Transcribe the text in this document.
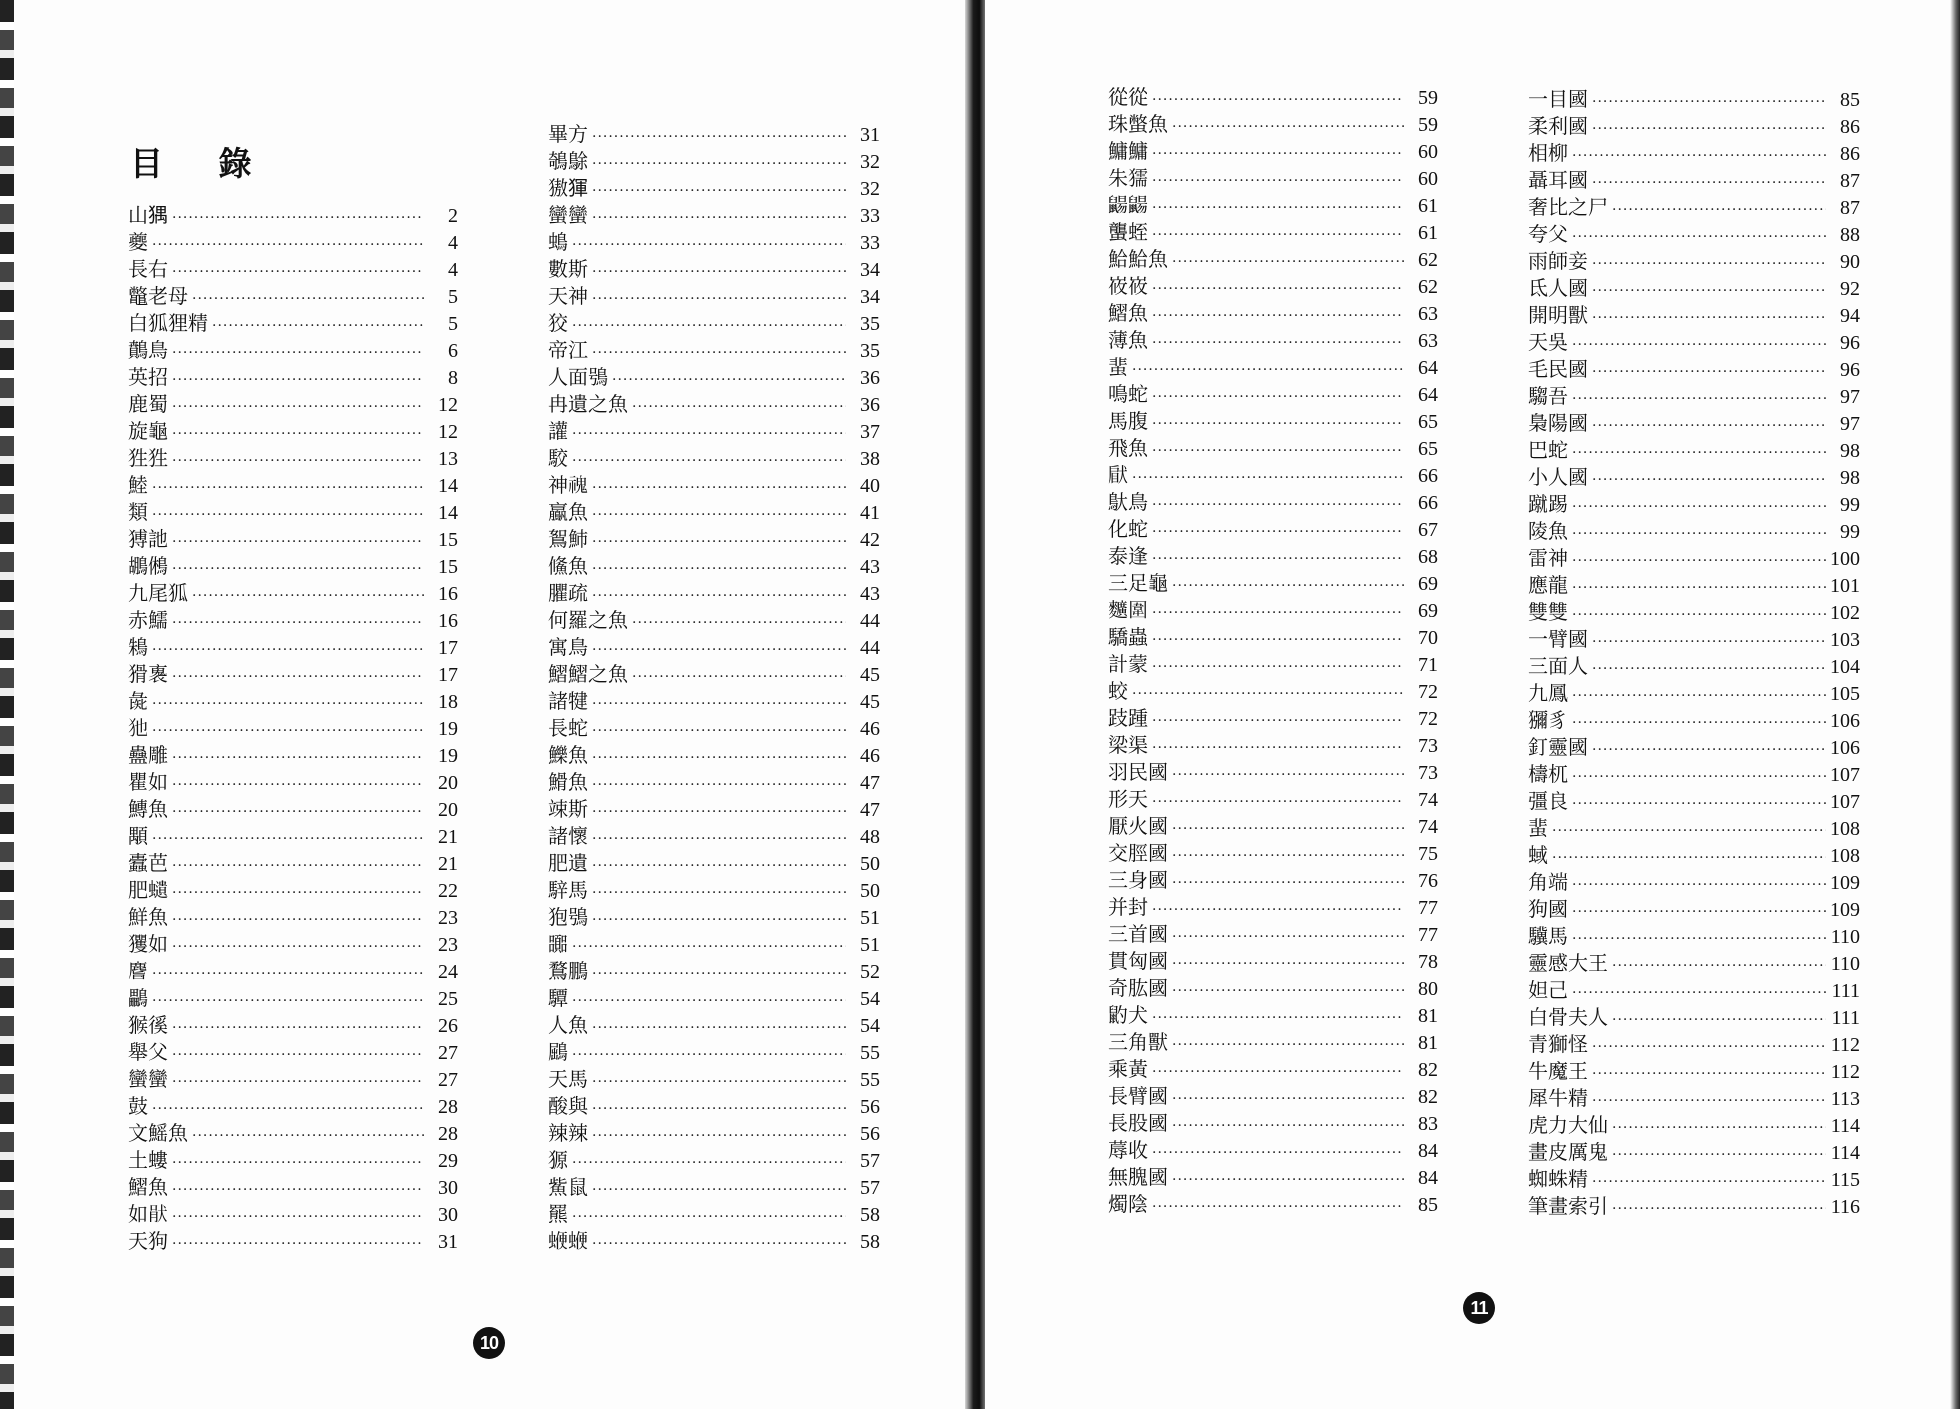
目 錄
山𤟹 ·····	2
夔 ·····	4
長右 ·····	4
鼈老母 ·····	5
白狐狸精 ·····	5
䴅鳥 ·····	6
英招 ·····	8
鹿蜀 ·····	12
旋龜 ·····	12
狌狌 ·····	13
鯥 ·····	14
類 ·····	14
猼訑 ·····	15
鶘鵂 ·····	15
九尾狐 ·····	16
赤鱬 ·····	16
鴸 ·····	17
猾褢 ·····	17
彘 ·····	18
𤜣 ·····	19
蠱雕 ·····	19
瞿如 ·····	20
鱄魚 ·····	20
顒 ·····	21
蠹芭 ·····	21
肥𧔥 ·····	22
鮮魚 ·····	23
玃如 ·····	23
𪊨 ·····	24
鸓 ·····	25
𤠣徯 ·····	26
舉父 ·····	27
蠻蠻 ·····	27
鼓 ·····	28
文鰩魚 ·····	28
土螻 ·····	29
鰼魚 ·····	30
如𤞣 ·····	30
天狗 ·····	31
畢方 ·····	31
鵸鵌 ·····	32
獓𤟤 ·····	32
蠻蠻 ·····	33
䳋 ·····	33
數斯 ·····	34
天神 ·····	34
狡 ·····	35
帝江 ·····	35
人面鴞 ·····	36
冉遺之魚 ·····	36
讙 ·····	37
駮 ·····	38
神𩲡 ·····	40
鸁魚 ·····	41
鴽䰽 ·····	42
鯈魚 ·····	43
臞疏 ·····	43
何羅之魚 ·····	44
寓鳥 ·····	44
鰼鰼之魚 ·····	45
諸犍 ·····	45
長蛇 ·····	46
鱳魚 ·····	46
䱻魚 ·····	47
竦斯 ·····	47
諸懷 ·····	48
肥遺 ·····	50
騂馬 ·····	50
狍鴞 ·····	51
嚻 ·····	51
鶩鵬 ·····	52
驔 ·····	54
人魚 ·····	54
鶌 ·····	55
天馬 ·····	55
酸與 ·····	56
辣辣 ·····	56
獂 ·····	57
鮆鼠 ·····	57
羆 ·····	58
𧍲𧍲 ·····	58
10
從從 ·····	59
珠蟞魚 ·····	59
鱅鱅 ·····	60
朱獳 ·····	60
𪕫𪕫 ·····	61
蠪蛭 ·····	61
鮯鮯魚 ·····	62
峳峳 ·····	62
鰼魚 ·····	63
薄魚 ·····	63
蜚 ·····	64
鳴蛇 ·····	64
馬腹 ·····	65
飛魚 ·····	65
𤟵 ·····	66
䲦鳥 ·····	66
化蛇 ·····	67
泰逢 ·····	68
三足龜 ·····	69
𪍿圍 ·····	69
驕蟲 ·····	70
計蒙 ·····	71
蛟 ·····	72
跂踵 ·····	72
梁渠 ·····	73
羽民國 ·····	73
形天 ·····	74
厭火國 ·····	74
交脛國 ·····	75
三身國 ·····	76
并封 ·····	77
三首國 ·····	77
貫匈國 ·····	78
奇肱國 ·····	80
䶂犬 ·····	81
三角獸 ·····	81
乘黃 ·····	82
長臂國 ·····	82
長股國 ·····	83
蓐收 ·····	84
無𦞙國 ·····	84
燭陰 ·····	85
一目國 ·····	85
柔利國 ·····	86
相柳 ·····	86
聶耳國 ·····	87
奢比之尸 ·····	87
夸父 ·····	88
雨師妾 ·····	90
氐人國 ·····	92
開明獸 ·····	94
天吳 ·····	96
毛民國 ·····	96
騶吾 ·····	97
梟陽國 ·····	97
巴蛇 ·····	98
小人國 ·····	98
蹴踢 ·····	99
陵魚 ·····	99
雷神 ·····	100
應龍 ·····	101
雙雙 ·····	102
一臂國 ·····	103
三面人 ·····	104
九鳳 ·····	105
獼豸 ·····	106
釘靈國 ·····	106
檮杌 ·····	107
彊良 ·····	107
蜚 ·····	108
蜮 ·····	108
角端 ·····	109
狗國 ·····	109
驥馬 ·····	110
靈感大王 ·····	110
妲己 ·····	111
白骨夫人 ·····	111
青獅怪 ·····	112
牛魔王 ·····	112
犀牛精 ·····	113
虎力大仙 ·····	114
畫皮厲鬼 ·····	114
蜘蛛精 ·····	115
筆畫索引 ·····	116
11
